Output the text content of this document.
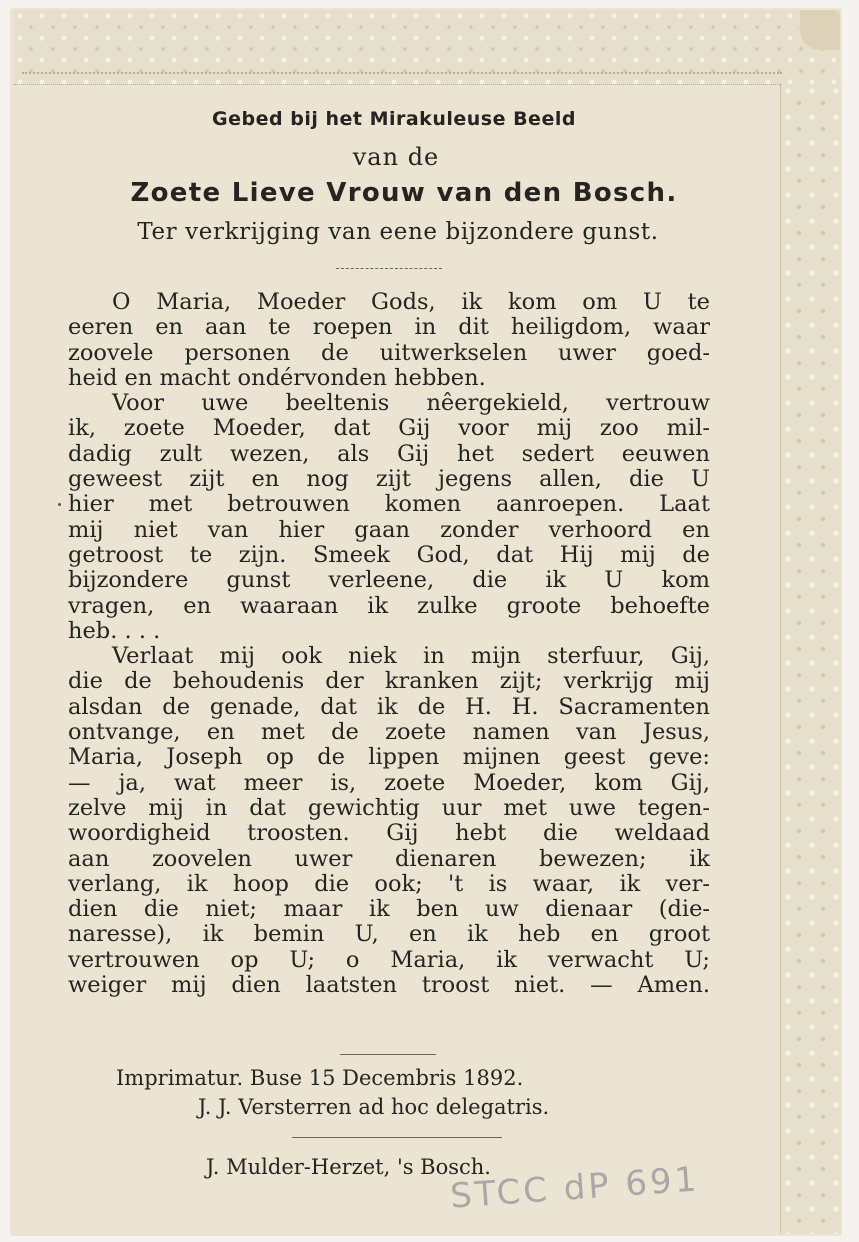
Gebed bij het Mirakuleuse Beeld
van de
Zoete Lieve Vrouw van den Bosch.
Ter verkrijging van eene bijzondere gunst.
O Maria, Moeder Gods, ik kom om U te
eeren en aan te roepen in dit heiligdom, waar
zoovele personen de uitwerkselen uwer goed-
heid en macht ondérvonden hebben.
Voor uwe beeltenis nêergekield, vertrouw
ik, zoete Moeder, dat Gij voor mij zoo mil-
dadig zult wezen, als Gij het sedert eeuwen
geweest zijt en nog zijt jegens allen, die U
hier met betrouwen komen aanroepen. Laat
mij niet van hier gaan zonder verhoord en
getroost te zijn. Smeek God, dat Hij mij de
bijzondere gunst verleene, die ik U kom
vragen, en waaraan ik zulke groote behoefte
heb. . . .
Verlaat mij ook niek in mijn sterfuur, Gij,
die de behoudenis der kranken zijt; verkrijg mij
alsdan de genade, dat ik de H. H. Sacramenten
ontvange, en met de zoete namen van Jesus,
Maria, Joseph op de lippen mijnen geest geve:
— ja, wat meer is, zoete Moeder, kom Gij,
zelve mij in dat gewichtig uur met uwe tegen-
woordigheid troosten. Gij hebt die weldaad
aan zoovelen uwer dienaren bewezen; ik
verlang, ik hoop die ook; 't is waar, ik ver-
dien die niet; maar ik ben uw dienaar (die-
naresse), ik bemin U, en ik heb en groot
vertrouwen op U; o Maria, ik verwacht U;
weiger mij dien laatsten troost niet. — Amen.
Imprimatur. Buse 15 Decembris 1892.
J. J. Versterren ad hoc delegatris.
J. Mulder-Herzet, 's Bosch.
STCC dP 691
